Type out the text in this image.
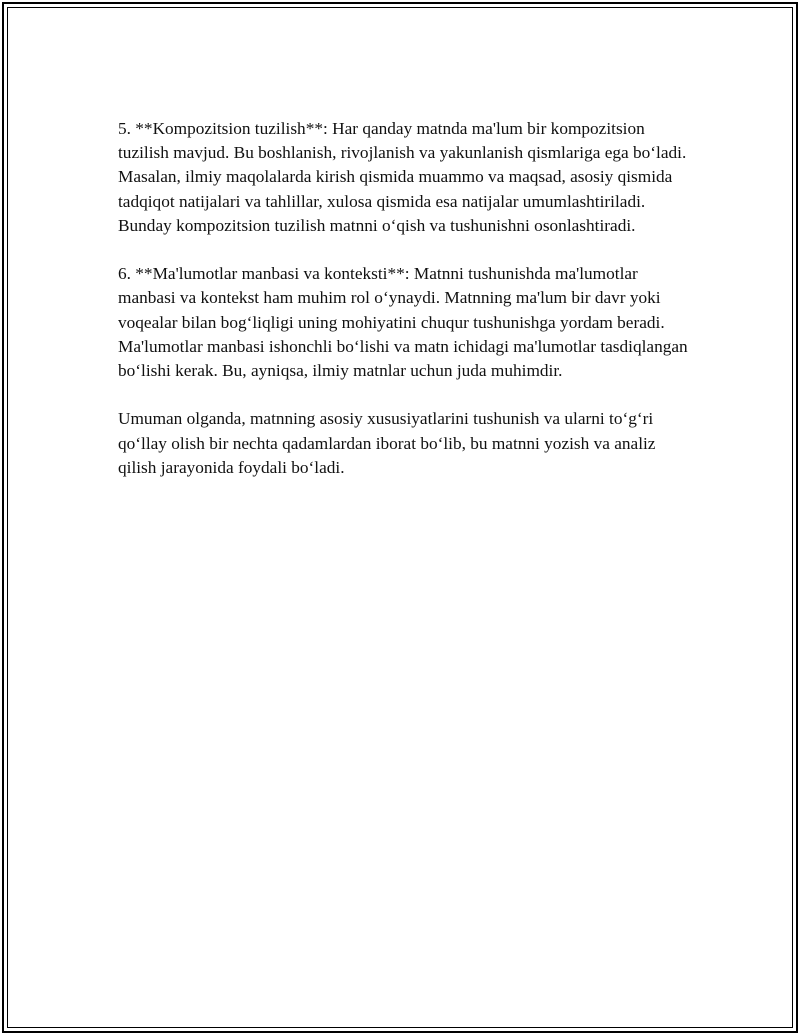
5. **Kompozitsion tuzilish**: Har qanday matnda ma'lum bir kompozitsion tuzilish mavjud. Bu boshlanish, rivojlanish va yakunlanish qismlariga ega bo‘ladi. Masalan, ilmiy maqolalarda kirish qismida muammo va maqsad, asosiy qismida tadqiqot natijalari va tahlillar, xulosa qismida esa natijalar umumlashtiriladi. Bunday kompozitsion tuzilish matnni o‘qish va tushunishni osonlashtiradi.

6. **Ma'lumotlar manbasi va konteksti**: Matnni tushunishda ma'lumotlar manbasi va kontekst ham muhim rol o‘ynaydi. Matnning ma'lum bir davr yoki voqealar bilan bog‘liqligi uning mohiyatini chuqur tushunishga yordam beradi. Ma'lumotlar manbasi ishonchli bo‘lishi va matn ichidagi ma'lumotlar tasdiqlangan bo‘lishi kerak. Bu, ayniqsa, ilmiy matnlar uchun juda muhimdir.

Umuman olganda, matnning asosiy xususiyatlarini tushunish va ularni to‘g‘ri qo‘llay olish bir nechta qadamlardan iborat bo‘lib, bu matnni yozish va analiz qilish jarayonida foydali bo‘ladi.
